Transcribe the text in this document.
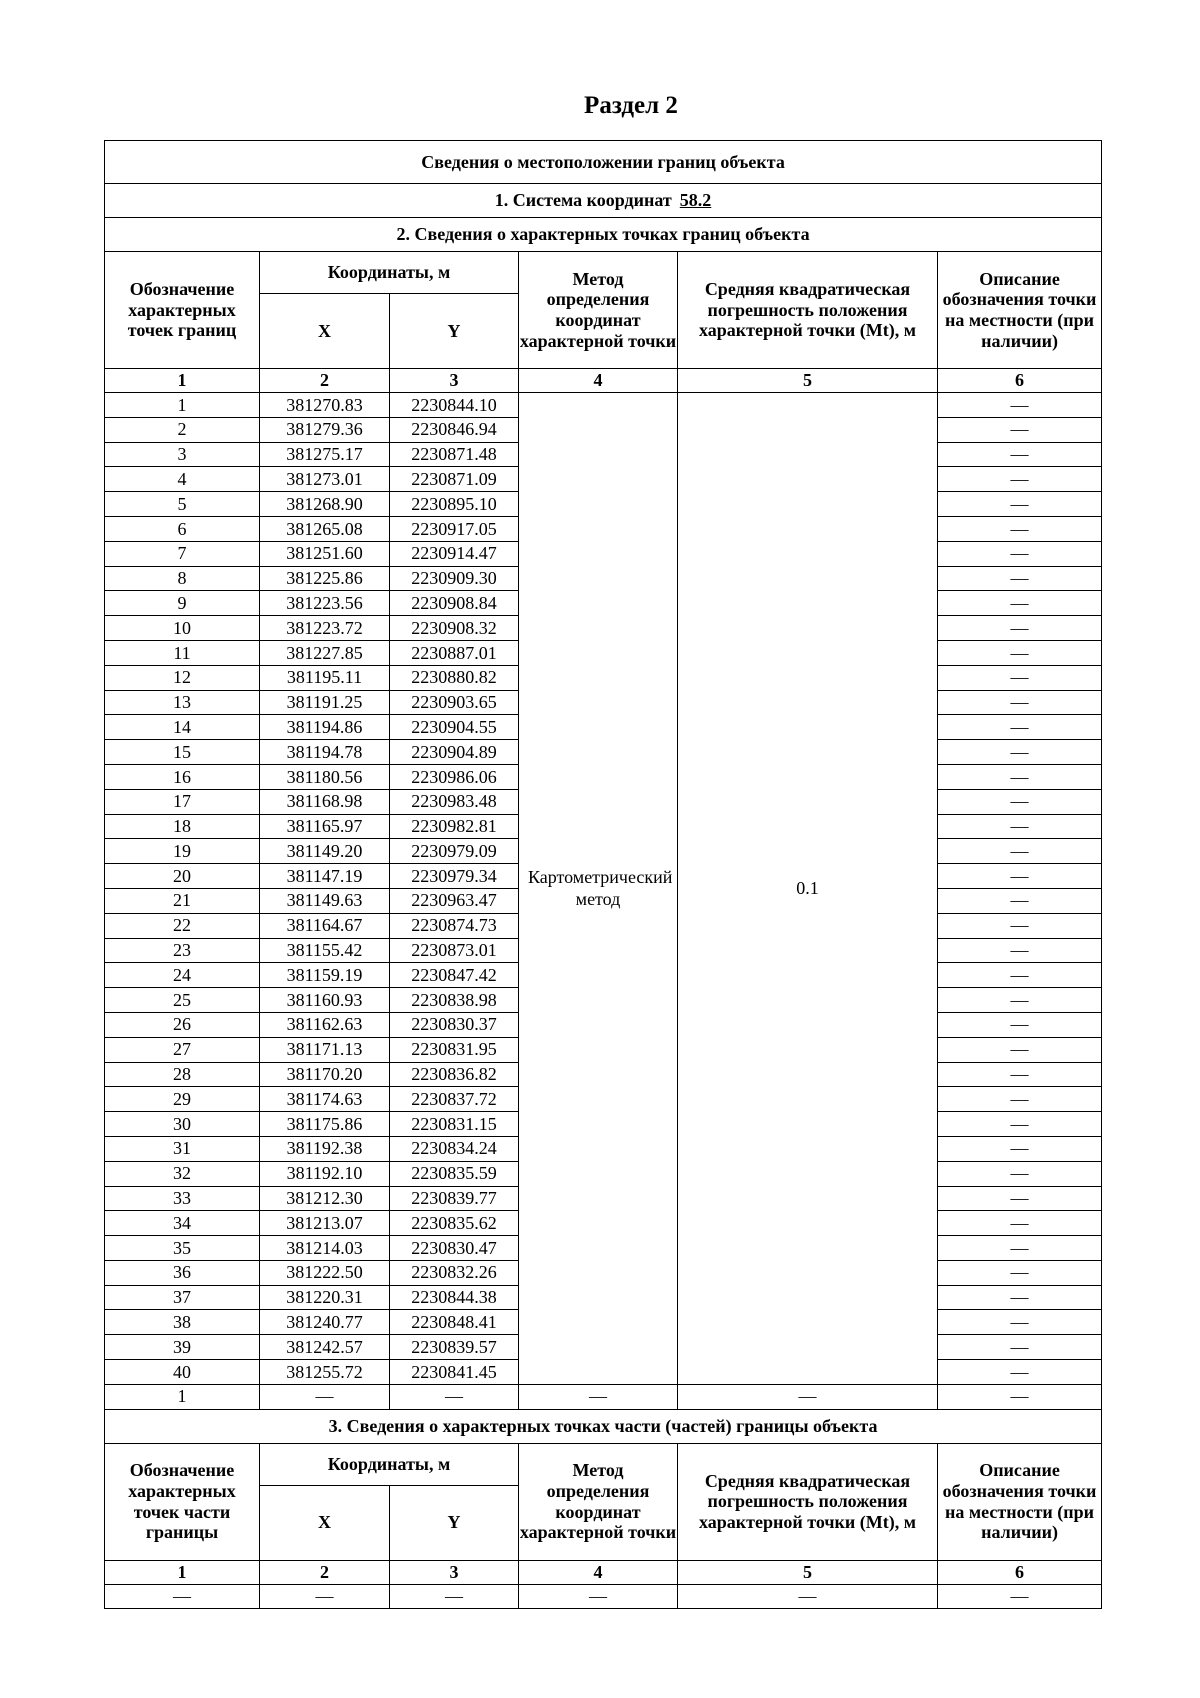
Раздел 2
Сведения о местоположении границ объекта					
1. Система координат 58.2					
2. Сведения о характерных точках границ объекта					
Обозначение характерных точек границ	Координаты, м		Метод определения координат характерной точки	Средняя квадратическая погрешность положения характерной точки (Mt), м	Описание обозначения точки на местности (при наличии)
	X	Y			
1	2	3	4	5	6
1	381270.83	2230844.10	Картометрический метод	0.1	—
2	381279.36	2230846.94			—
3	381275.17	2230871.48			—
4	381273.01	2230871.09			—
5	381268.90	2230895.10			—
6	381265.08	2230917.05			—
7	381251.60	2230914.47			—
8	381225.86	2230909.30			—
9	381223.56	2230908.84			—
10	381223.72	2230908.32			—
11	381227.85	2230887.01			—
12	381195.11	2230880.82			—
13	381191.25	2230903.65			—
14	381194.86	2230904.55			—
15	381194.78	2230904.89			—
16	381180.56	2230986.06			—
17	381168.98	2230983.48			—
18	381165.97	2230982.81			—
19	381149.20	2230979.09			—
20	381147.19	2230979.34			—
21	381149.63	2230963.47			—
22	381164.67	2230874.73			—
23	381155.42	2230873.01			—
24	381159.19	2230847.42			—
25	381160.93	2230838.98			—
26	381162.63	2230830.37			—
27	381171.13	2230831.95			—
28	381170.20	2230836.82			—
29	381174.63	2230837.72			—
30	381175.86	2230831.15			—
31	381192.38	2230834.24			—
32	381192.10	2230835.59			—
33	381212.30	2230839.77			—
34	381213.07	2230835.62			—
35	381214.03	2230830.47			—
36	381222.50	2230832.26			—
37	381220.31	2230844.38			—
38	381240.77	2230848.41			—
39	381242.57	2230839.57			—
40	381255.72	2230841.45			—
1	—	—	—	—	—
3. Сведения о характерных точках части (частей) границы объекта					
Обозначение характерных точек части границы	Координаты, м		Метод определения координат характерной точки	Средняя квадратическая погрешность положения характерной точки (Mt), м	Описание обозначения точки на местности (при наличии)
	X	Y			
1	2	3	4	5	6
—	—	—	—	—	—
